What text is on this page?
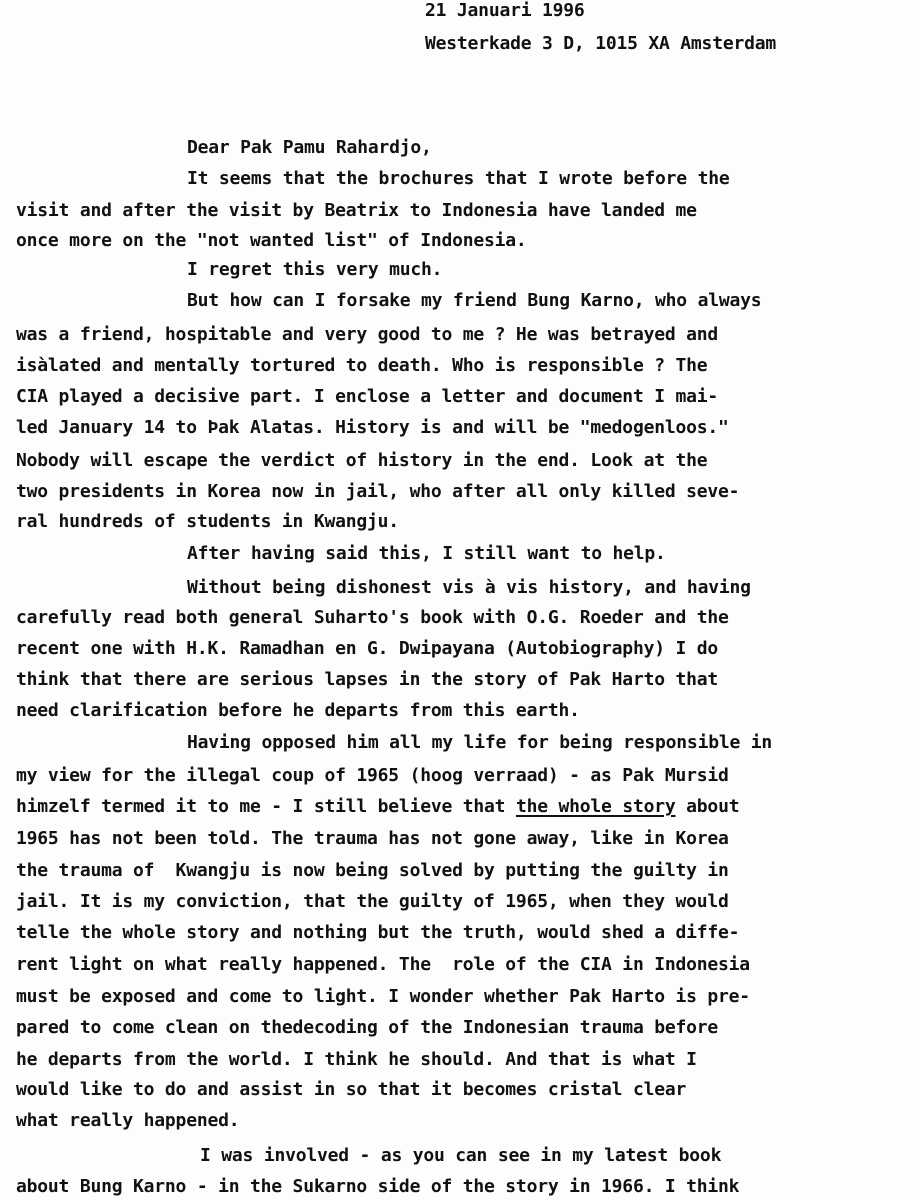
21 Januari 1996
Westerkade 3 D, 1015 XA Amsterdam
Dear Pak Pamu Rahardjo,
It seems that the brochures that I wrote before the
visit and after the visit by Beatrix to Indonesia have landed me
once more on the "not wanted list" of Indonesia.
I regret this very much.
But how can I forsake my friend Bung Karno, who always
was a friend, hospitable and very good to me ? He was betrayed and
isàlated and mentally tortured to death. Who is responsible ? The
CIA played a decisive part. I enclose a letter and document I mai-
led January 14 to Þak Alatas. History is and will be "medogenloos."
Nobody will escape the verdict of history in the end. Look at the
two presidents in Korea now in jail, who after all only killed seve-
ral hundreds of students in Kwangju.
After having said this, I still want to help.
Without being dishonest vis à vis history, and having
carefully read both general Suharto's book with O.G. Roeder and the
recent one with H.K. Ramadhan en G. Dwipayana (Autobiography) I do
think that there are serious lapses in the story of Pak Harto that
need clarification before he departs from this earth.
Having opposed him all my life for being responsible in
my view for the illegal coup of 1965 (hoog verraad) - as Pak Mursid
himzelf termed it to me - I still believe that the whole story about
1965 has not been told. The trauma has not gone away, like in Korea
the trauma of  Kwangju is now being solved by putting the guilty in
jail. It is my conviction, that the guilty of 1965, when they would
telle the whole story and nothing but the truth, would shed a diffe-
rent light on what really happened. The  role of the CIA in Indonesia
must be exposed and come to light. I wonder whether Pak Harto is pre-
pared to come clean on thedecoding of the Indonesian trauma before
he departs from the world. I think he should. And that is what I
would like to do and assist in so that it becomes cristal clear
what really happened.
I was involved - as you can see in my latest book
about Bung Karno - in the Sukarno side of the story in 1966. I think
